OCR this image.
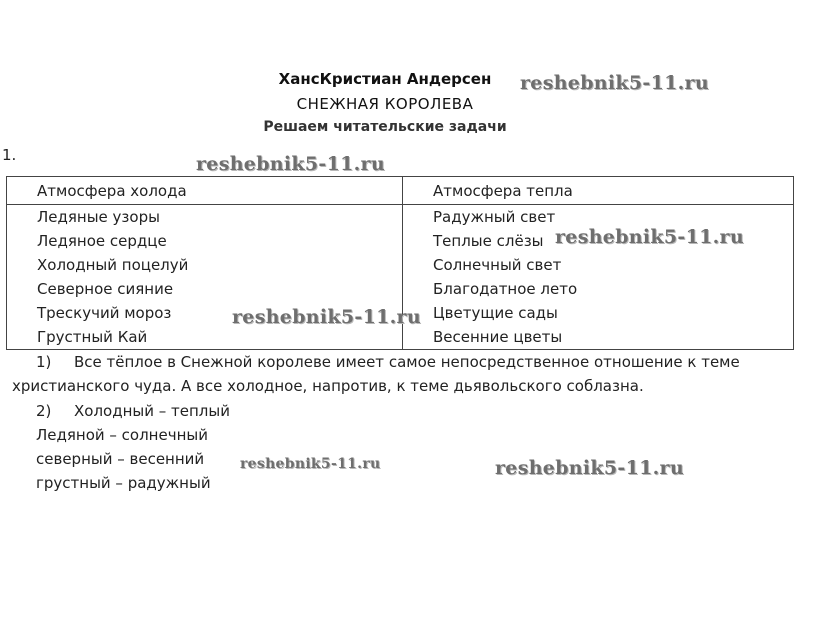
ХансКристиан Андерсен
СНЕЖНАЯ КОРОЛЕВА
Решаем читательские задачи
1.
Атмосфера холода	Атмосфера тепла
Ледяные узоры	Радужный свет
Ледяное сердце	Теплые слёзы
Холодный поцелуй	Солнечный свет
Северное сияние	Благодатное лето
Трескучий мороз	Цветущие сады
Грустный Кай	Весенние цветы
1) Все тёплое в Снежной королеве имеет самое непосредственное отношение к теме
христианского чуда. А все холодное, напротив, к теме дьявольского соблазна.
2) Холодный – теплый
Ледяной – солнечный
северный – весенний
грустный – радужный
reshebnik5-11.ru
reshebnik5-11.ru
reshebnik5-11.ru
reshebnik5-11.ru
reshebnik5-11.ru	reshebnik5-11.ru
